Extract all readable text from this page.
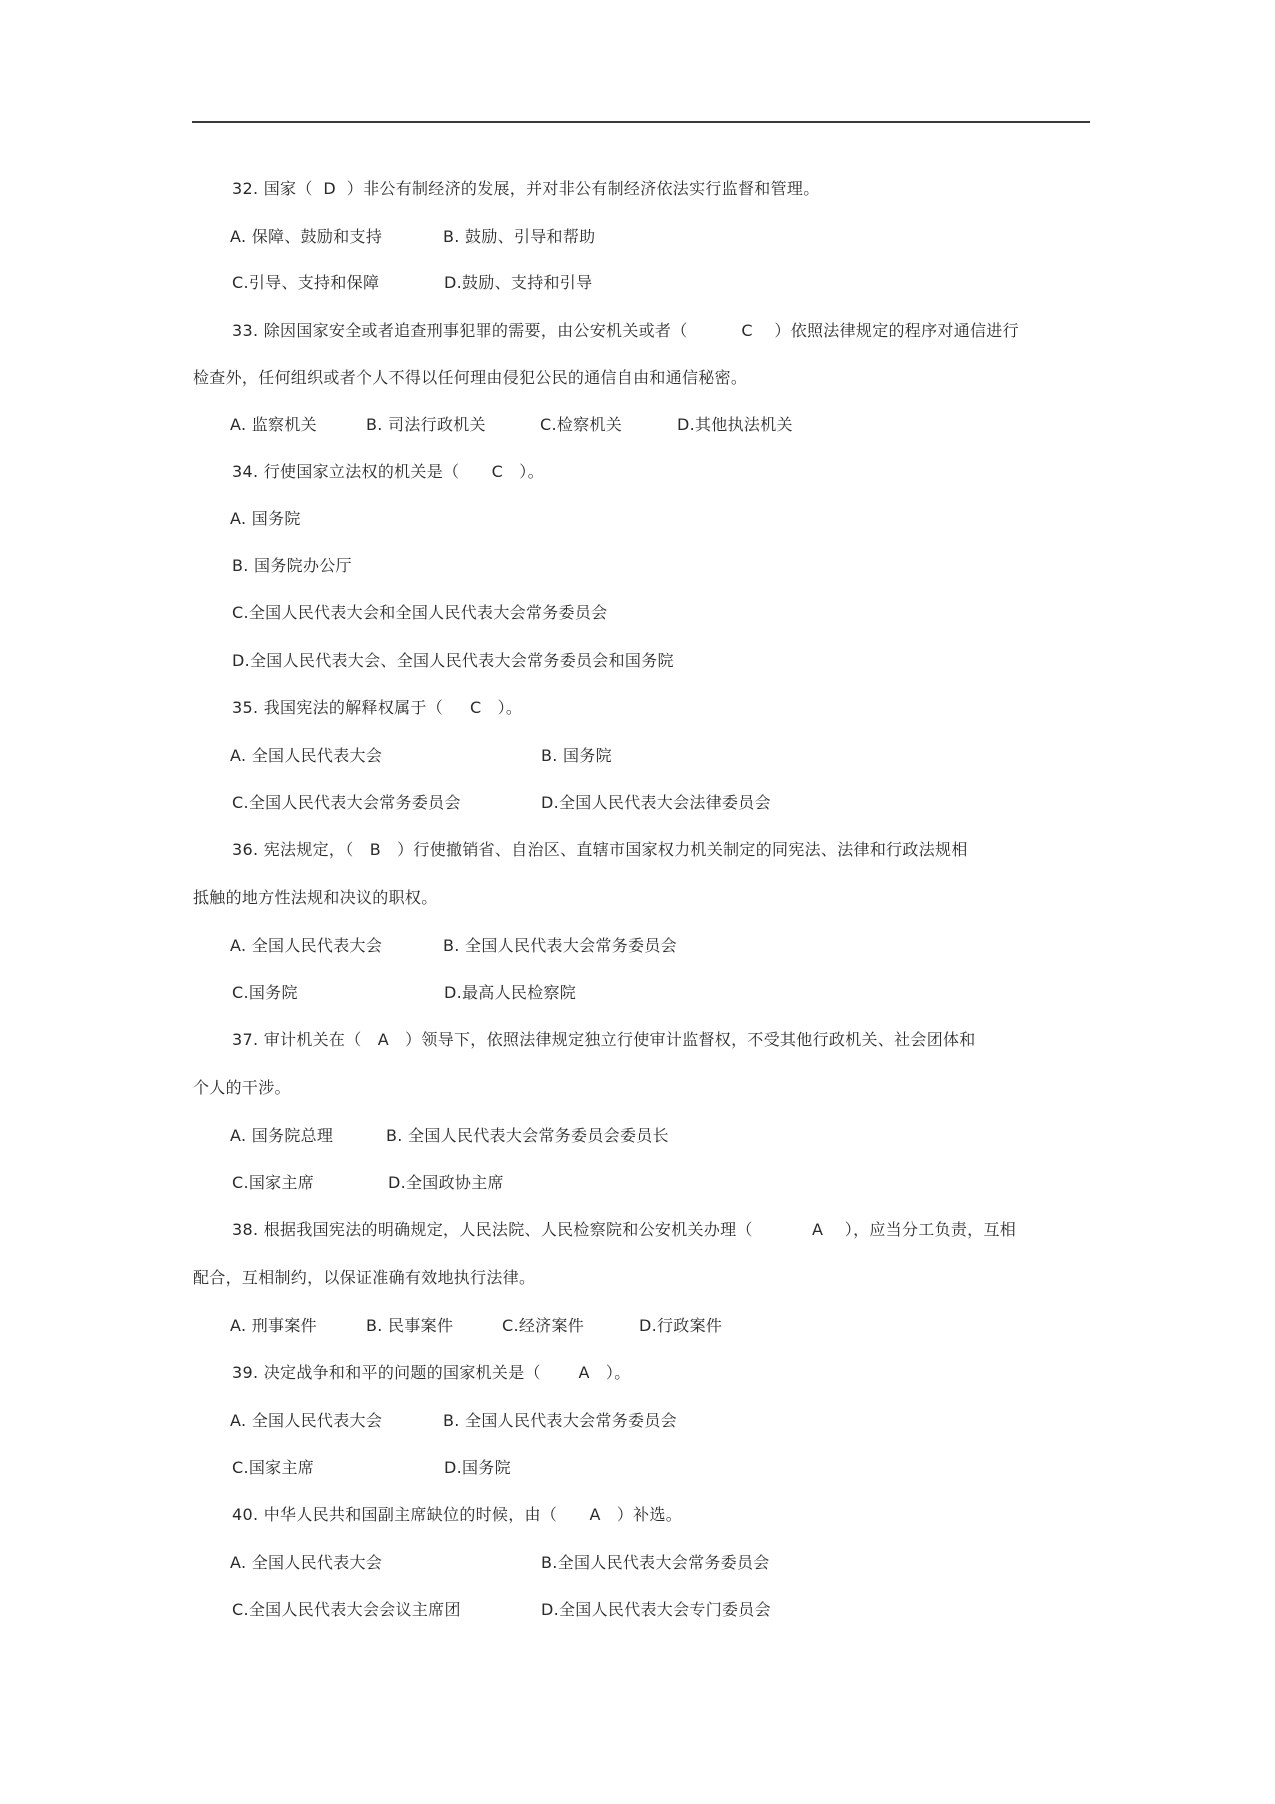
32. 国家（  D  ）非公有制经济的发展，并对非公有制经济依法实行监督和管理。
A. 保障、鼓励和支持	B. 鼓励、引导和帮助
C.引导、支持和保障	D.鼓励、支持和引导
33. 除因国家安全或者追查刑事犯罪的需要，由公安机关或者（          C    ）依照法律规定的程序对通信进行
检查外，任何组织或者个人不得以任何理由侵犯公民的通信自由和通信秘密。
A. 监察机关	B. 司法行政机关	C.检察机关	D.其他执法机关
34. 行使国家立法权的机关是（      C   ）。
A. 国务院
B. 国务院办公厅
C.全国人民代表大会和全国人民代表大会常务委员会
D.全国人民代表大会、全国人民代表大会常务委员会和国务院
35. 我国宪法的解释权属于（     C   ）。
A. 全国人民代表大会	B. 国务院
C.全国人民代表大会常务委员会	D.全国人民代表大会法律委员会
36. 宪法规定，（   B   ）行使撤销省、自治区、直辖市国家权力机关制定的同宪法、法律和行政法规相
抵触的地方性法规和决议的职权。
A. 全国人民代表大会	B. 全国人民代表大会常务委员会
C.国务院	D.最高人民检察院
37. 审计机关在（   A   ）领导下，依照法律规定独立行使审计监督权，不受其他行政机关、社会团体和
个人的干涉。
A. 国务院总理	B. 全国人民代表大会常务委员会委员长
C.国家主席	D.全国政协主席
38. 根据我国宪法的明确规定，人民法院、人民检察院和公安机关办理（           A    ），应当分工负责，互相
配合，互相制约，以保证准确有效地执行法律。
A. 刑事案件	B. 民事案件	C.经济案件	D.行政案件
39. 决定战争和和平的问题的国家机关是（       A   ）。
A. 全国人民代表大会	B. 全国人民代表大会常务委员会
C.国家主席	D.国务院
40. 中华人民共和国副主席缺位的时候，由（      A   ）补选。
A. 全国人民代表大会	B.全国人民代表大会常务委员会
C.全国人民代表大会会议主席团	D.全国人民代表大会专门委员会
